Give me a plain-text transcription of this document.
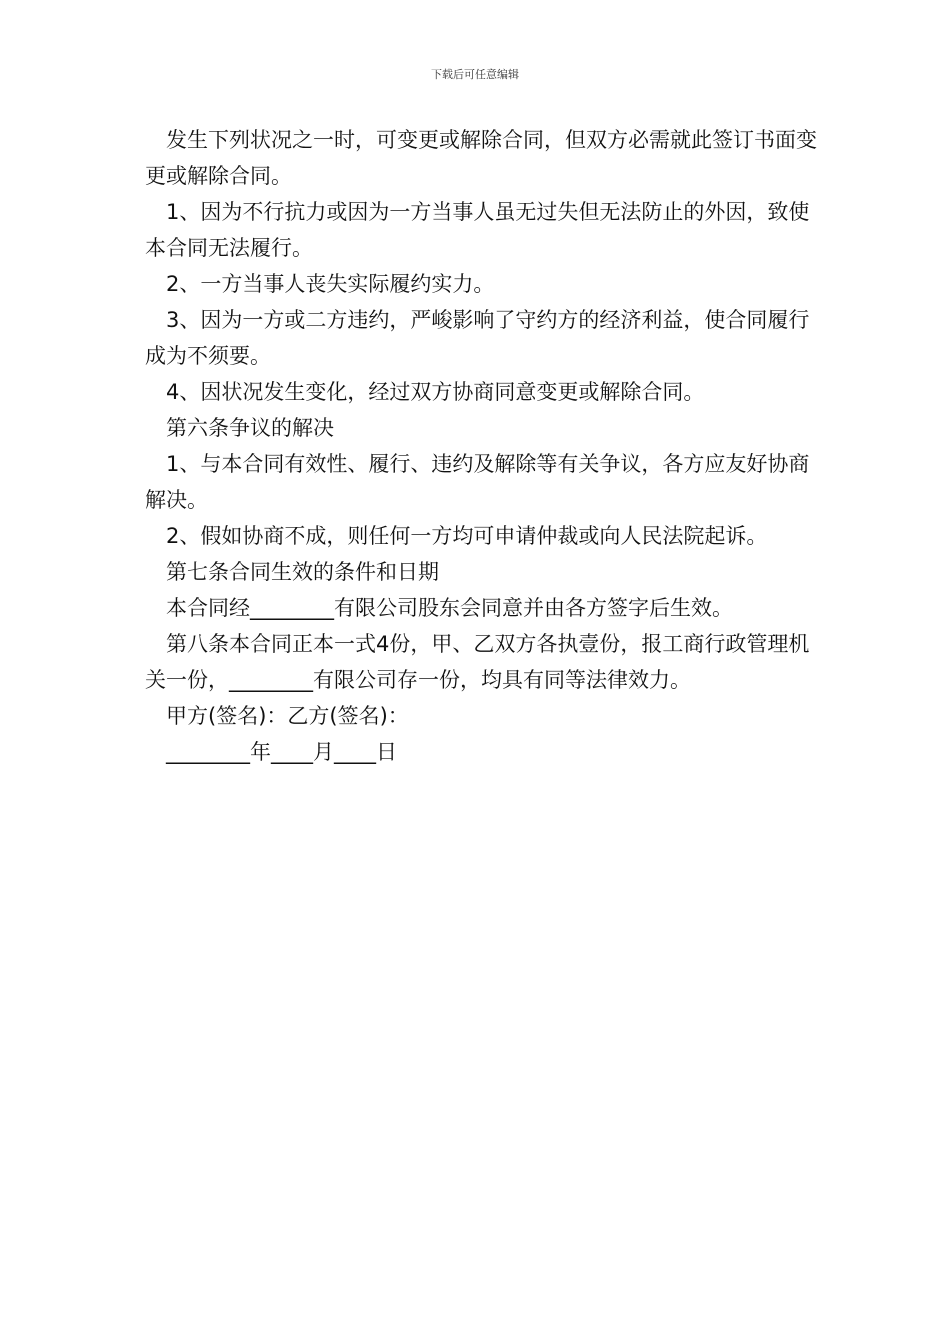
下载后可任意编辑

发生下列状况之一时，可变更或解除合同，但双方必需就此签订书面变更或解除合同。

1、因为不行抗力或因为一方当事人虽无过失但无法防止的外因，致使本合同无法履行。

2、一方当事人丧失实际履约实力。

3、因为一方或二方违约，严峻影响了守约方的经济利益，使合同履行成为不须要。

4、因状况发生变化，经过双方协商同意变更或解除合同。

第六条争议的解决

1、与本合同有效性、履行、违约及解除等有关争议，各方应友好协商解决。

2、假如协商不成，则任何一方均可申请仲裁或向人民法院起诉。

第七条合同生效的条件和日期

本合同经________有限公司股东会同意并由各方签字后生效。

第八条本合同正本一式4份，甲、乙双方各执壹份，报工商行政管理机关一份，________有限公司存一份，均具有同等法律效力。

甲方(签名)：乙方(签名)：

________年____月____日
